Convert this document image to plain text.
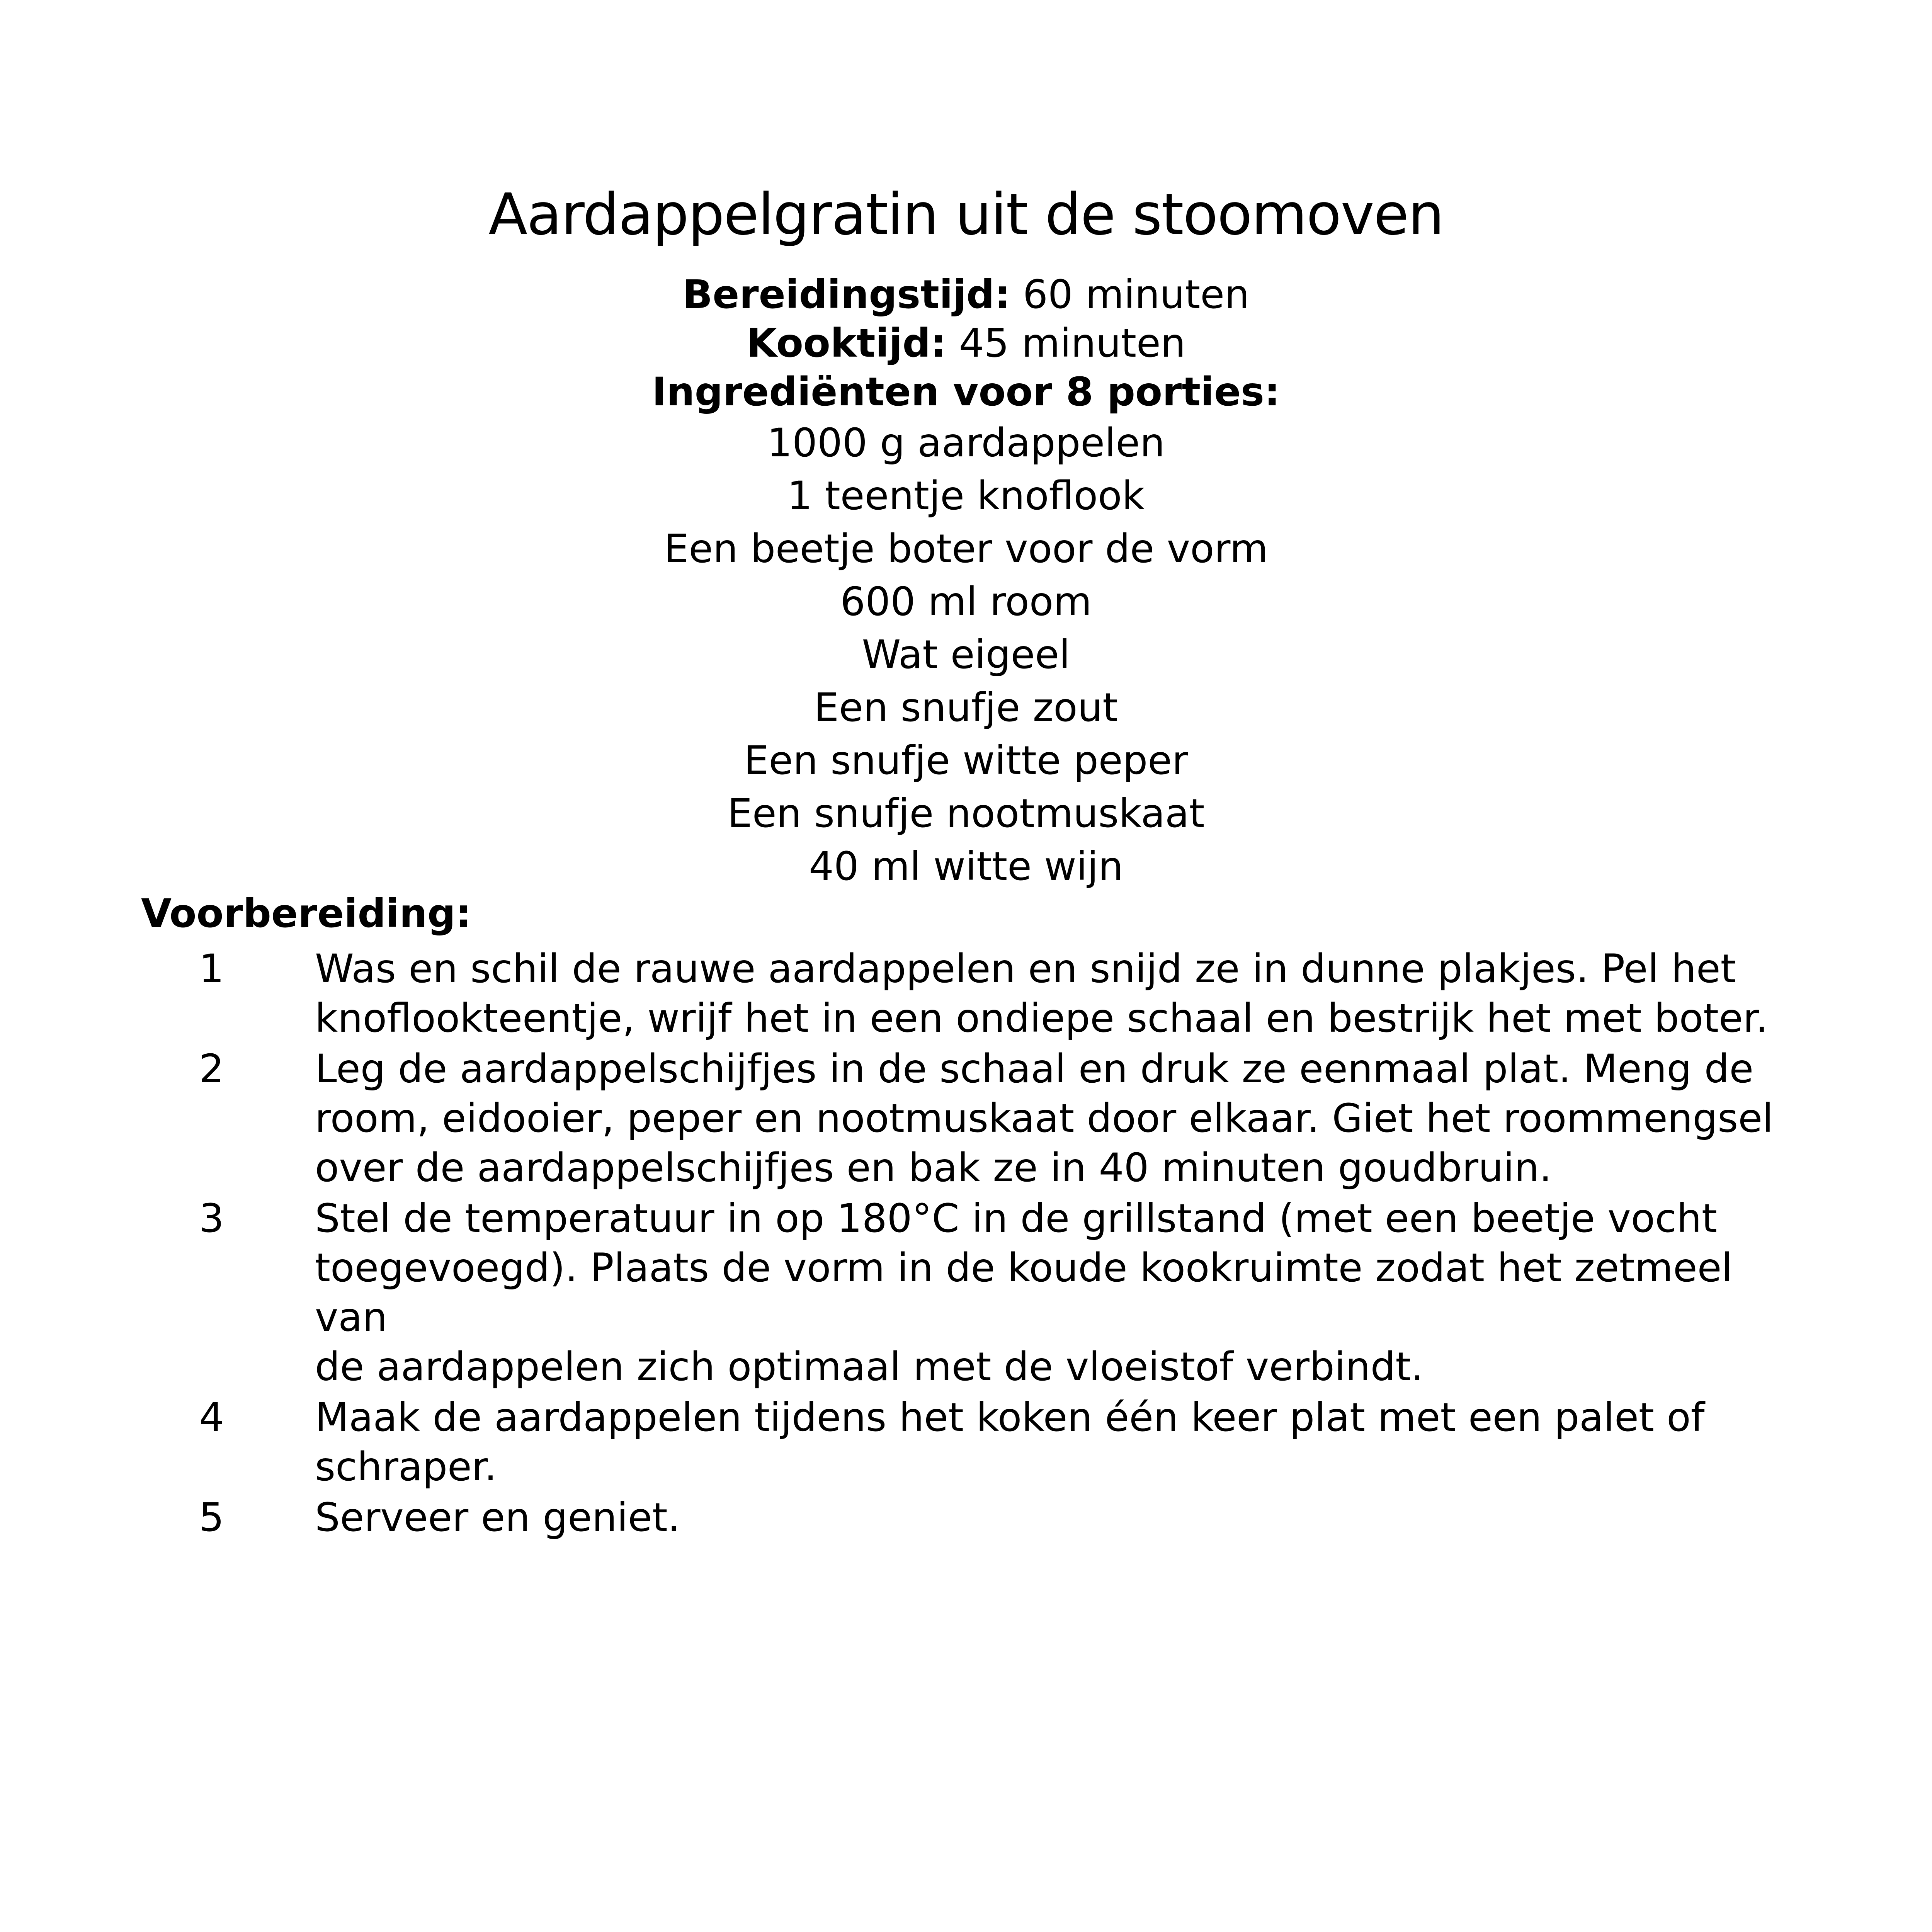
Aardappelgratin uit de stoomoven
Bereidingstijd: 60 minuten
Kooktijd: 45 minuten
Ingrediënten voor 8 porties:
1000 g aardappelen
1 teentje knoflook
Een beetje boter voor de vorm
600 ml room
Wat eigeel
Een snufje zout
Een snufje witte peper
Een snufje nootmuskaat
40 ml witte wijn
Voorbereiding:
1 Was en schil de rauwe aardappelen en snijd ze in dunne plakjes. Pel het
knoflookteentje, wrijf het in een ondiepe schaal en bestrijk het met boter.
2 Leg de aardappelschijfjes in de schaal en druk ze eenmaal plat. Meng de
room, eidooier, peper en nootmuskaat door elkaar. Giet het roommengsel
over de aardappelschijfjes en bak ze in 40 minuten goudbruin.
3 Stel de temperatuur in op 180°C in de grillstand (met een beetje vocht
toegevoegd). Plaats de vorm in de koude kookruimte zodat het zetmeel van
de aardappelen zich optimaal met de vloeistof verbindt.
4 Maak de aardappelen tijdens het koken één keer plat met een palet of
schraper.
5 Serveer en geniet.
